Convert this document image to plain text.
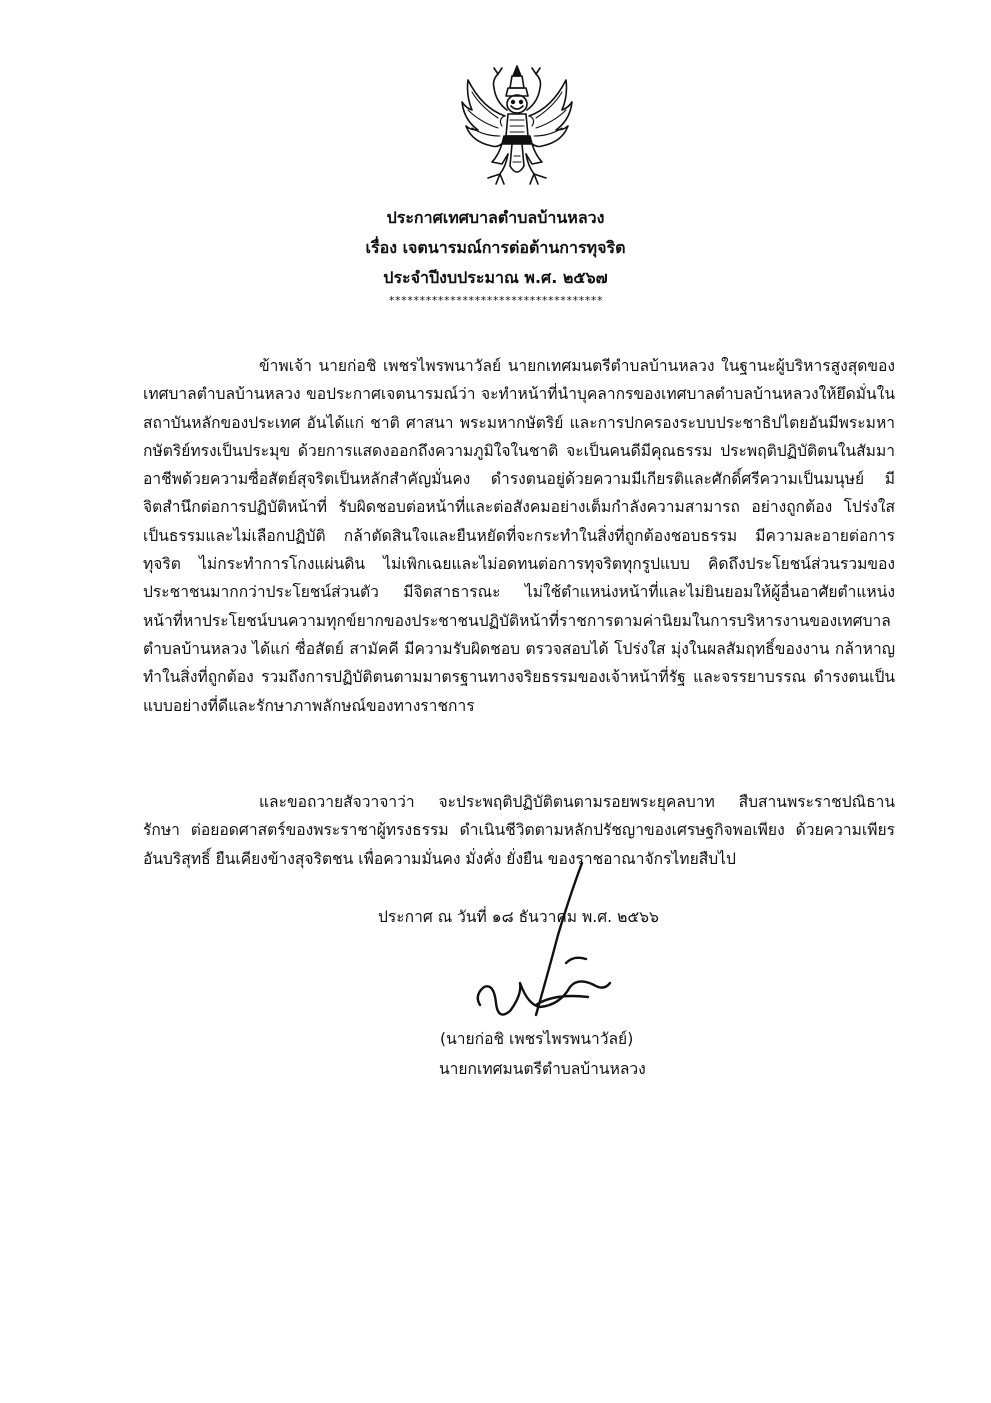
ประกาศเทศบาลตำบลบ้านหลวง
เรื่อง เจตนารมณ์การต่อต้านการทุจริต
ประจำปีงบประมาณ พ.ศ. ๒๕๖๗
***********************************

ข้าพเจ้า นายก่อชิ เพชรไพรพนาวัลย์ นายกเทศมนตรีตำบลบ้านหลวง ในฐานะผู้บริหารสูงสุดของเทศบาลตำบลบ้านหลวง ขอประกาศเจตนารมณ์ว่า จะทำหน้าที่นำบุคลากรของเทศบาลตำบลบ้านหลวงให้ยึดมั่นในสถาบันหลักของประเทศ อันได้แก่ ชาติ ศาสนา พระมหากษัตริย์ และการปกครองระบบประชาธิปไตยอันมีพระมหากษัตริย์ทรงเป็นประมุข ด้วยการแสดงออกถึงความภูมิใจในชาติ จะเป็นคนดีมีคุณธรรม ประพฤติปฏิบัติตนในสัมมาอาชีพด้วยความซื่อสัตย์สุจริตเป็นหลักสำคัญมั่นคง ดำรงตนอยู่ด้วยความมีเกียรติและศักดิ์ศรีความเป็นมนุษย์ มีจิตสำนึกต่อการปฏิบัติหน้าที่ รับผิดชอบต่อหน้าที่และต่อสังคมอย่างเต็มกำลังความสามารถ อย่างถูกต้อง โปร่งใส เป็นธรรมและไม่เลือกปฏิบัติ กล้าตัดสินใจและยืนหยัดที่จะกระทำในสิ่งที่ถูกต้องชอบธรรม มีความละอายต่อการทุจริต ไม่กระทำการโกงแผ่นดิน ไม่เพิกเฉยและไม่อดทนต่อการทุจริตทุกรูปแบบ คิดถึงประโยชน์ส่วนรวมของประชาชนมากกว่าประโยชน์ส่วนตัว มีจิตสาธารณะ ไม่ใช้ตำแหน่งหน้าที่และไม่ยินยอมให้ผู้อื่นอาศัยตำแหน่งหน้าที่หาประโยชน์บนความทุกข์ยากของประชาชนปฏิบัติหน้าที่ราชการตามค่านิยมในการบริหารงานของเทศบาลตำบลบ้านหลวง ได้แก่ ซื่อสัตย์ สามัคคี มีความรับผิดชอบ ตรวจสอบได้ โปร่งใส มุ่งในผลสัมฤทธิ์ของงาน กล้าหาญทำในสิ่งที่ถูกต้อง รวมถึงการปฏิบัติตนตามมาตรฐานทางจริยธรรมของเจ้าหน้าที่รัฐ และจรรยาบรรณ ดำรงตนเป็นแบบอย่างที่ดีและรักษาภาพลักษณ์ของทางราชการ

และขอถวายสัจวาจาว่า จะประพฤติปฏิบัติตนตามรอยพระยุคลบาท สืบสานพระราชปณิธาน รักษา ต่อยอดศาสตร์ของพระราชาผู้ทรงธรรม ดำเนินชีวิตตามหลักปรัชญาของเศรษฐกิจพอเพียง ด้วยความเพียรอันบริสุทธิ์ ยืนเคียงข้างสุจริตชน เพื่อความมั่นคง มั่งคั่ง ยั่งยืน ของราชอาณาจักรไทยสืบไป

ประกาศ ณ วันที่ ๑๘ ธันวาคม พ.ศ. ๒๕๖๖
(นายก่อชิ เพชรไพรพนาวัลย์)
นายกเทศมนตรีตำบลบ้านหลวง
